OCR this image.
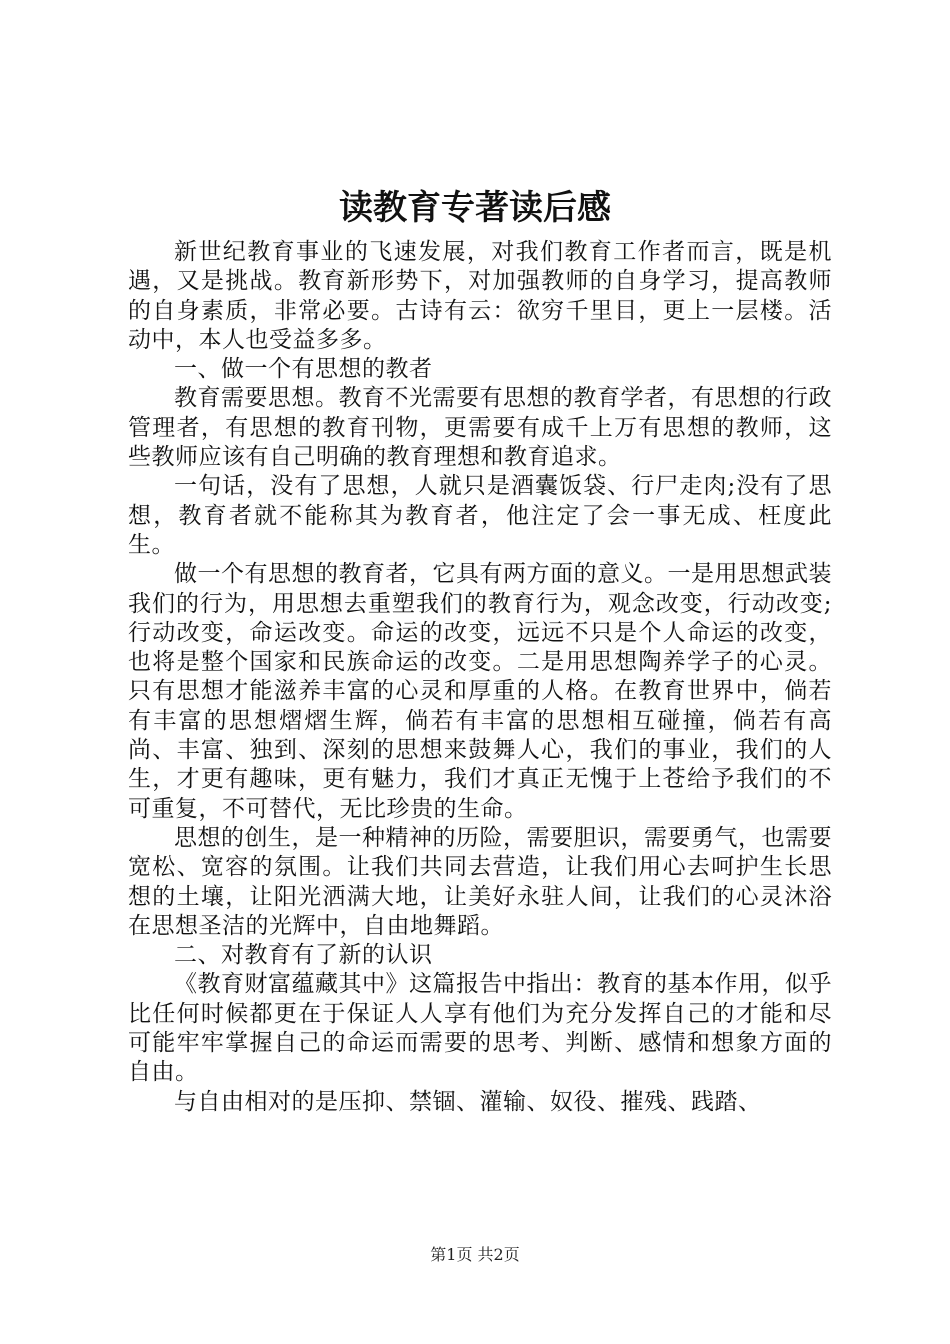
读教育专著读后感

新世纪教育事业的飞速发展，对我们教育工作者而言，既是机遇，又是挑战。教育新形势下，对加强教师的自身学习，提高教师的自身素质，非常必要。古诗有云：欲穷千里目，更上一层楼。活动中，本人也受益多多。

一、做一个有思想的教者

教育需要思想。教育不光需要有思想的教育学者，有思想的行政管理者，有思想的教育刊物，更需要有成千上万有思想的教师，这些教师应该有自己明确的教育理想和教育追求。

一句话，没有了思想，人就只是酒囊饭袋、行尸走肉;没有了思想，教育者就不能称其为教育者，他注定了会一事无成、枉度此生。

做一个有思想的教育者，它具有两方面的意义。一是用思想武装我们的行为，用思想去重塑我们的教育行为，观念改变，行动改变;行动改变，命运改变。命运的改变，远远不只是个人命运的改变，也将是整个国家和民族命运的改变。二是用思想陶养学子的心灵。只有思想才能滋养丰富的心灵和厚重的人格。在教育世界中，倘若有丰富的思想熠熠生辉，倘若有丰富的思想相互碰撞，倘若有高尚、丰富、独到、深刻的思想来鼓舞人心，我们的事业，我们的人生，才更有趣味，更有魅力，我们才真正无愧于上苍给予我们的不可重复，不可替代，无比珍贵的生命。

思想的创生，是一种精神的历险，需要胆识，需要勇气，也需要宽松、宽容的氛围。让我们共同去营造，让我们用心去呵护生长思想的土壤，让阳光洒满大地，让美好永驻人间，让我们的心灵沐浴在思想圣洁的光辉中，自由地舞蹈。

二、对教育有了新的认识

《教育财富蕴藏其中》这篇报告中指出：教育的基本作用，似乎比任何时候都更在于保证人人享有他们为充分发挥自己的才能和尽可能牢牢掌握自己的命运而需要的思考、判断、感情和想象方面的自由。

与自由相对的是压抑、禁锢、灌输、奴役、摧残、践踏、

第1页 共2页
